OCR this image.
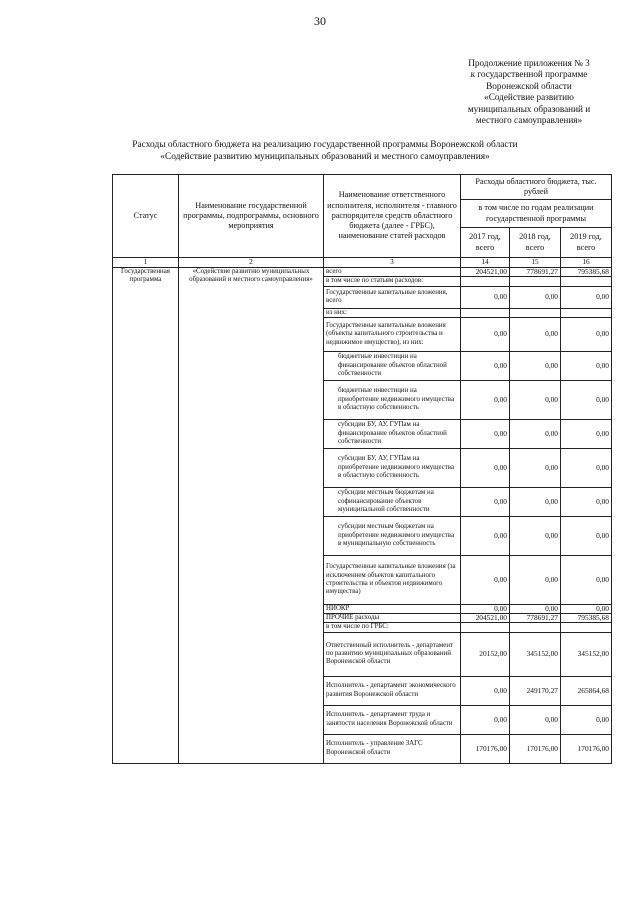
30
Продолжение приложения № 3
к государственной программе
Воронежской области
«Содействие развитию
муниципальных образований и
местного самоуправления»
Расходы областного бюджета на реализацию государственной программы Воронежской области
«Содействие развитию муниципальных образований и местного самоуправления»
Статус	Наименование государственной программы, подпрограммы, основного мероприятия	Наименование ответственного исполнителя, исполнителя - главного распорядителя средств областного бюджета (далее - ГРБС), наименование статей расходов	Расходы областного бюджета, тыс. рублей		
			в том числе по годам реализации государственной программы		
			2017 год, всего	2018 год, всего	2019 год, всего
1	2	3	14	15	16
Государственная программа	«Содействие развитию муниципальных образований и местного самоуправления»	всего	204521,00	778691,27	795385,68
		в том числе по статьям расходов:			
		Государственные капитальные вложения, всего	0,00	0,00	0,00
		из них:			
		Государственные капитальные вложения (объекты капитального строительства и недвижимое имущество), из них:	0,00	0,00	0,00
		бюджетные инвестиции на финансирование объектов областной собственности	0,00	0,00	0,00
		бюджетные инвестиции на приобретение недвижимого имущества в областную собственность	0,00	0,00	0,00
		субсидии БУ, АУ, ГУПам на финансирование объектов областной собственности	0,00	0,00	0,00
		субсидии БУ, АУ, ГУПам на приобретение недвижимого имущества в областную собственность	0,00	0,00	0,00
		субсидии местным бюджетам на софинансирование объектов муниципальной собственности	0,00	0,00	0,00
		субсидии местным бюджетам на приобретение недвижимого имущества в муниципальную собственность	0,00	0,00	0,00
		Государственные капитальные вложения (за исключением объектов капитального строительства и объектов недвижимого имущества)	0,00	0,00	0,00
		НИОКР	0,00	0,00	0,00
		ПРОЧИЕ расходы	204521,00	778691,27	795385,68
		в том числе по ГРБС:			
		Ответственный исполнитель - департамент по развитию муниципальных образований Воронежской области	20152,00	345152,00	345152,00
		Исполнитель - департамент экономического развития Воронежской области	0,00	249170,27	265864,68
		Исполнитель - департамент труда и занятости населения Воронежской области	0,00	0,00	0,00
		Исполнитель - управление ЗАГС Воронежской области	170176,00	170176,00	170176,00
